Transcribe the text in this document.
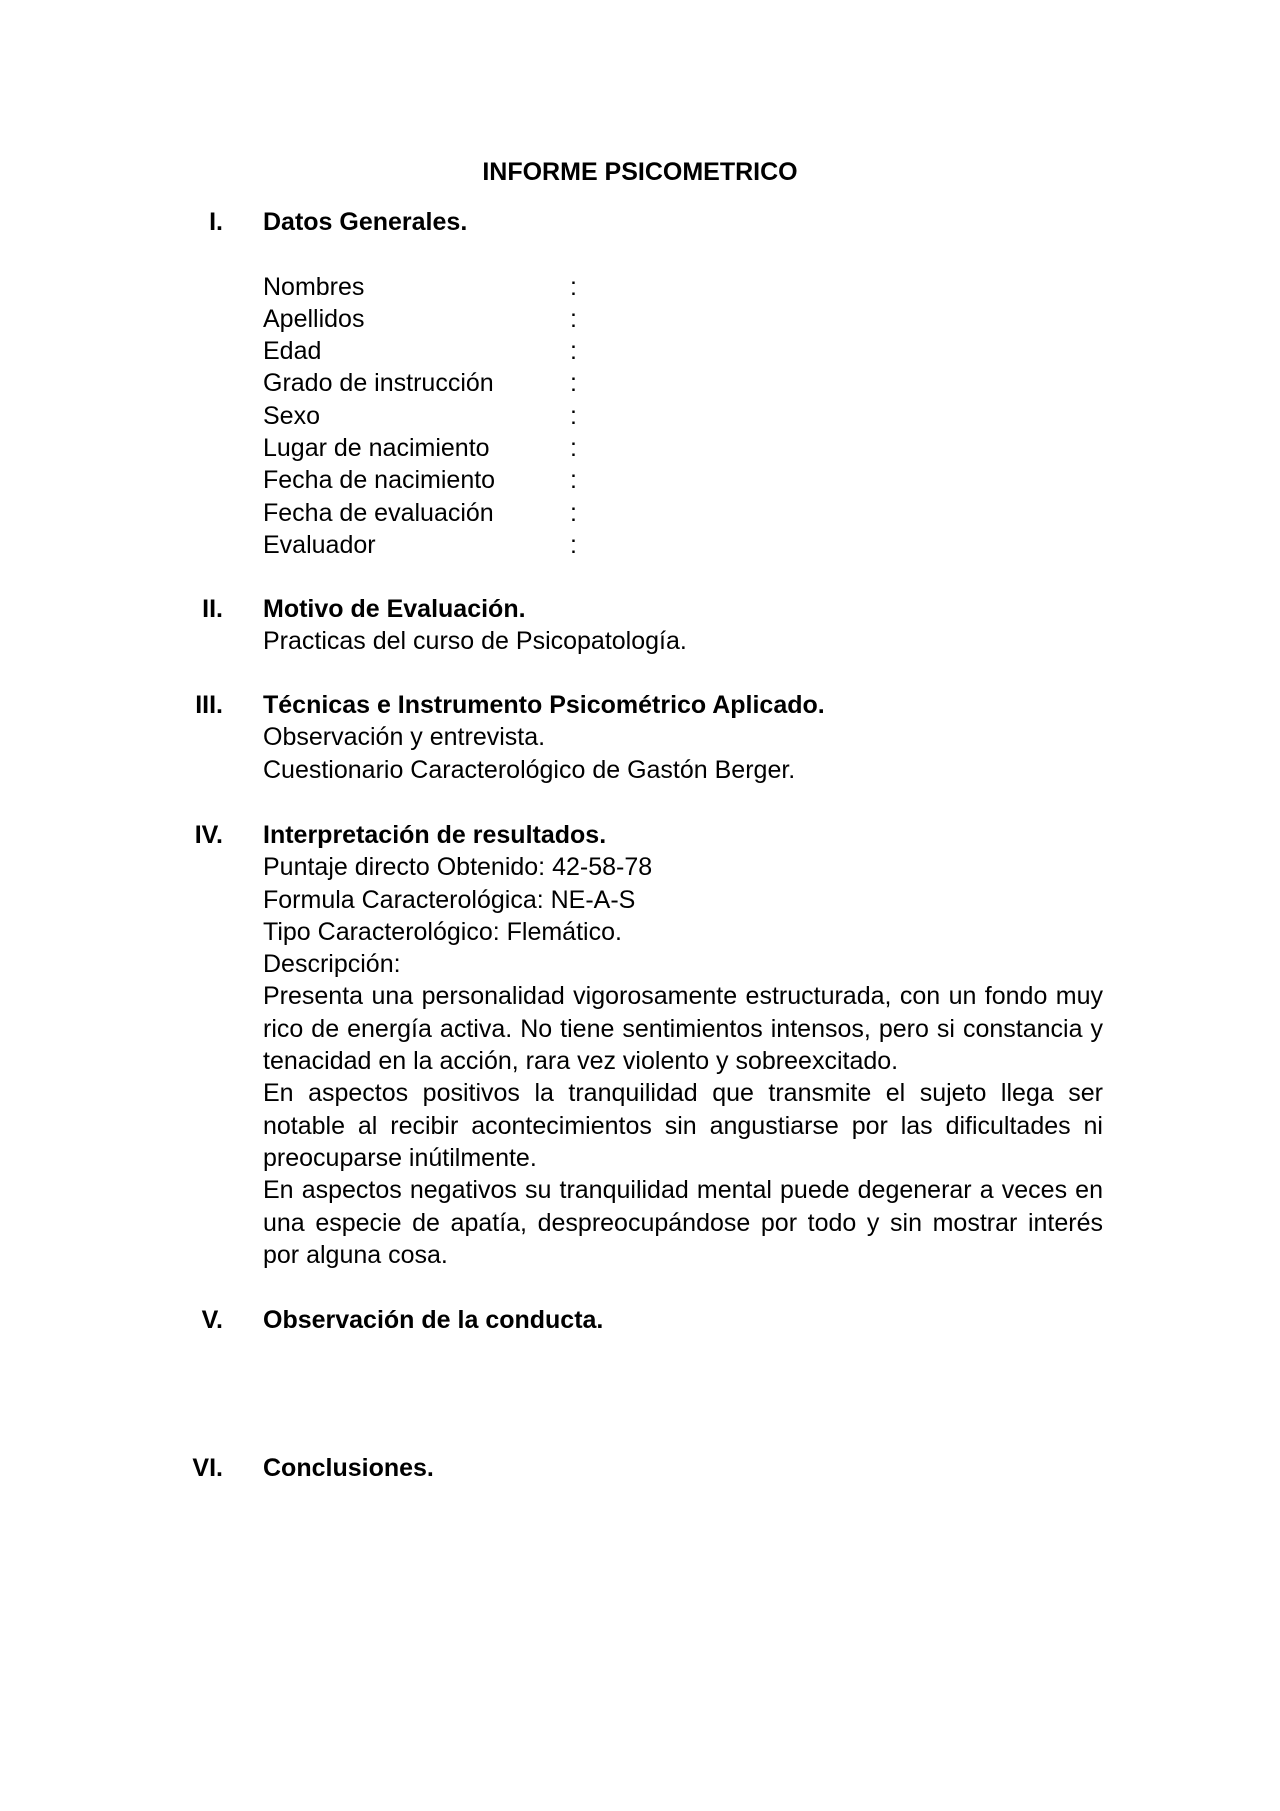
INFORME PSICOMETRICO
I. Datos Generales.
Nombres	:
Apellidos	:
Edad	:
Grado de instrucción	:
Sexo	:
Lugar de nacimiento	:
Fecha de nacimiento	:
Fecha de evaluación	:
Evaluador	:
II. Motivo de Evaluación.
Practicas del curso de Psicopatología.
III. Técnicas e Instrumento Psicométrico Aplicado.
Observación y entrevista.
Cuestionario Caracterológico de Gastón Berger.
IV. Interpretación de resultados.
Puntaje directo Obtenido: 42-58-78
Formula Caracterológica: NE-A-S
Tipo Caracterológico: Flemático.
Descripción:
Presenta una personalidad vigorosamente estructurada, con un fondo muy rico de energía activa. No tiene sentimientos intensos, pero si constancia y tenacidad en la acción, rara vez violento y sobreexcitado.
En aspectos positivos la tranquilidad que transmite el sujeto llega ser notable al recibir acontecimientos sin angustiarse por las dificultades ni preocuparse inútilmente.
En aspectos negativos su tranquilidad mental puede degenerar a veces en una especie de apatía, despreocupándose por todo y sin mostrar interés por alguna cosa.
V. Observación de la conducta.
VI. Conclusiones.
